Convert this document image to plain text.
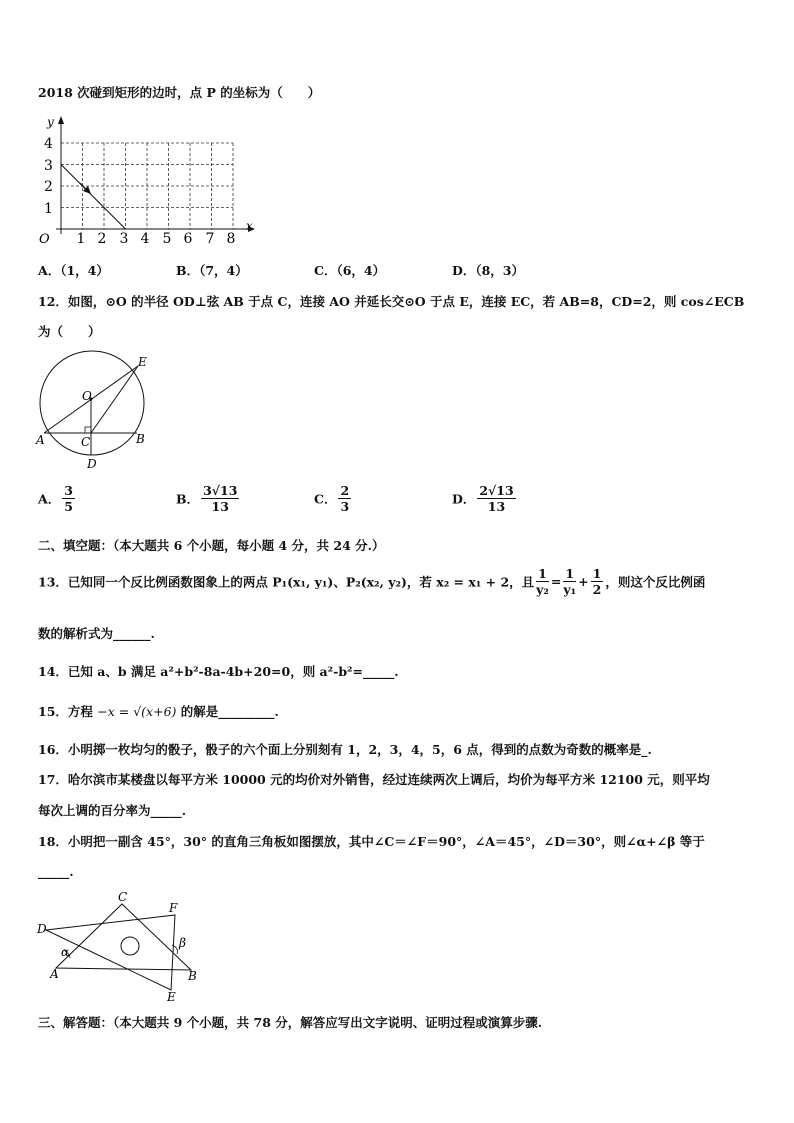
2018 次碰到矩形的边时，点 P 的坐标为（　　）
y
x
O
1
2
3
4
1 2 3 4 5 6 7 8
A．（1，4）	B．（7，4）	C．（6，4）	D．（8，3）
12．如图，⊙O 的半径 OD⊥弦 AB 于点 C，连接 AO 并延长交⊙O 于点 E，连接 EC，若 AB=8，CD=2，则 cos∠ECB
为（　　）
E
O
A	C	B
D
A． $\frac{3}{5}$	B． $\frac{3√13}{13}$	C． $\frac{2}{3}$	D． $\frac{2√13}{13}$
二、填空题：（本大题共 6 个小题，每小题 4 分，共 24 分.）
13．已知同一个反比例函数图象上的两点 P₁(x₁, y₁)、P₂(x₂, y₂)，若 x₂ = x₁ + 2，且 $\frac{1}{\text{y₂}} = \frac{1}{\text{y₁}} + \frac{1}{2}$ ，则这个反比例函
数的解析式为______.
14．已知 a、b 满足 a²+b²-8a-4b+20=0，则 a²-b²=_____.
15．方程 −x = √(x+6) 的解是_________.
16．小明掷一枚均匀的骰子，骰子的六个面上分别刻有 1，2，3，4，5，6 点，得到的点数为奇数的概率是_.
17．哈尔滨市某楼盘以每平方米 10000 元的均价对外销售，经过连续两次上调后，均价为每平方米 12100 元，则平均
每次上调的百分率为_____.
18．小明把一副含 45°，30° 的直角三角板如图摆放，其中∠C＝∠F＝90°，∠A＝45°，∠D＝30°，则∠α+∠β 等于
_____.
C
F
D
α
β
A	B
E
三、解答题：（本大题共 9 个小题，共 78 分，解答应写出文字说明、证明过程或演算步骤.
